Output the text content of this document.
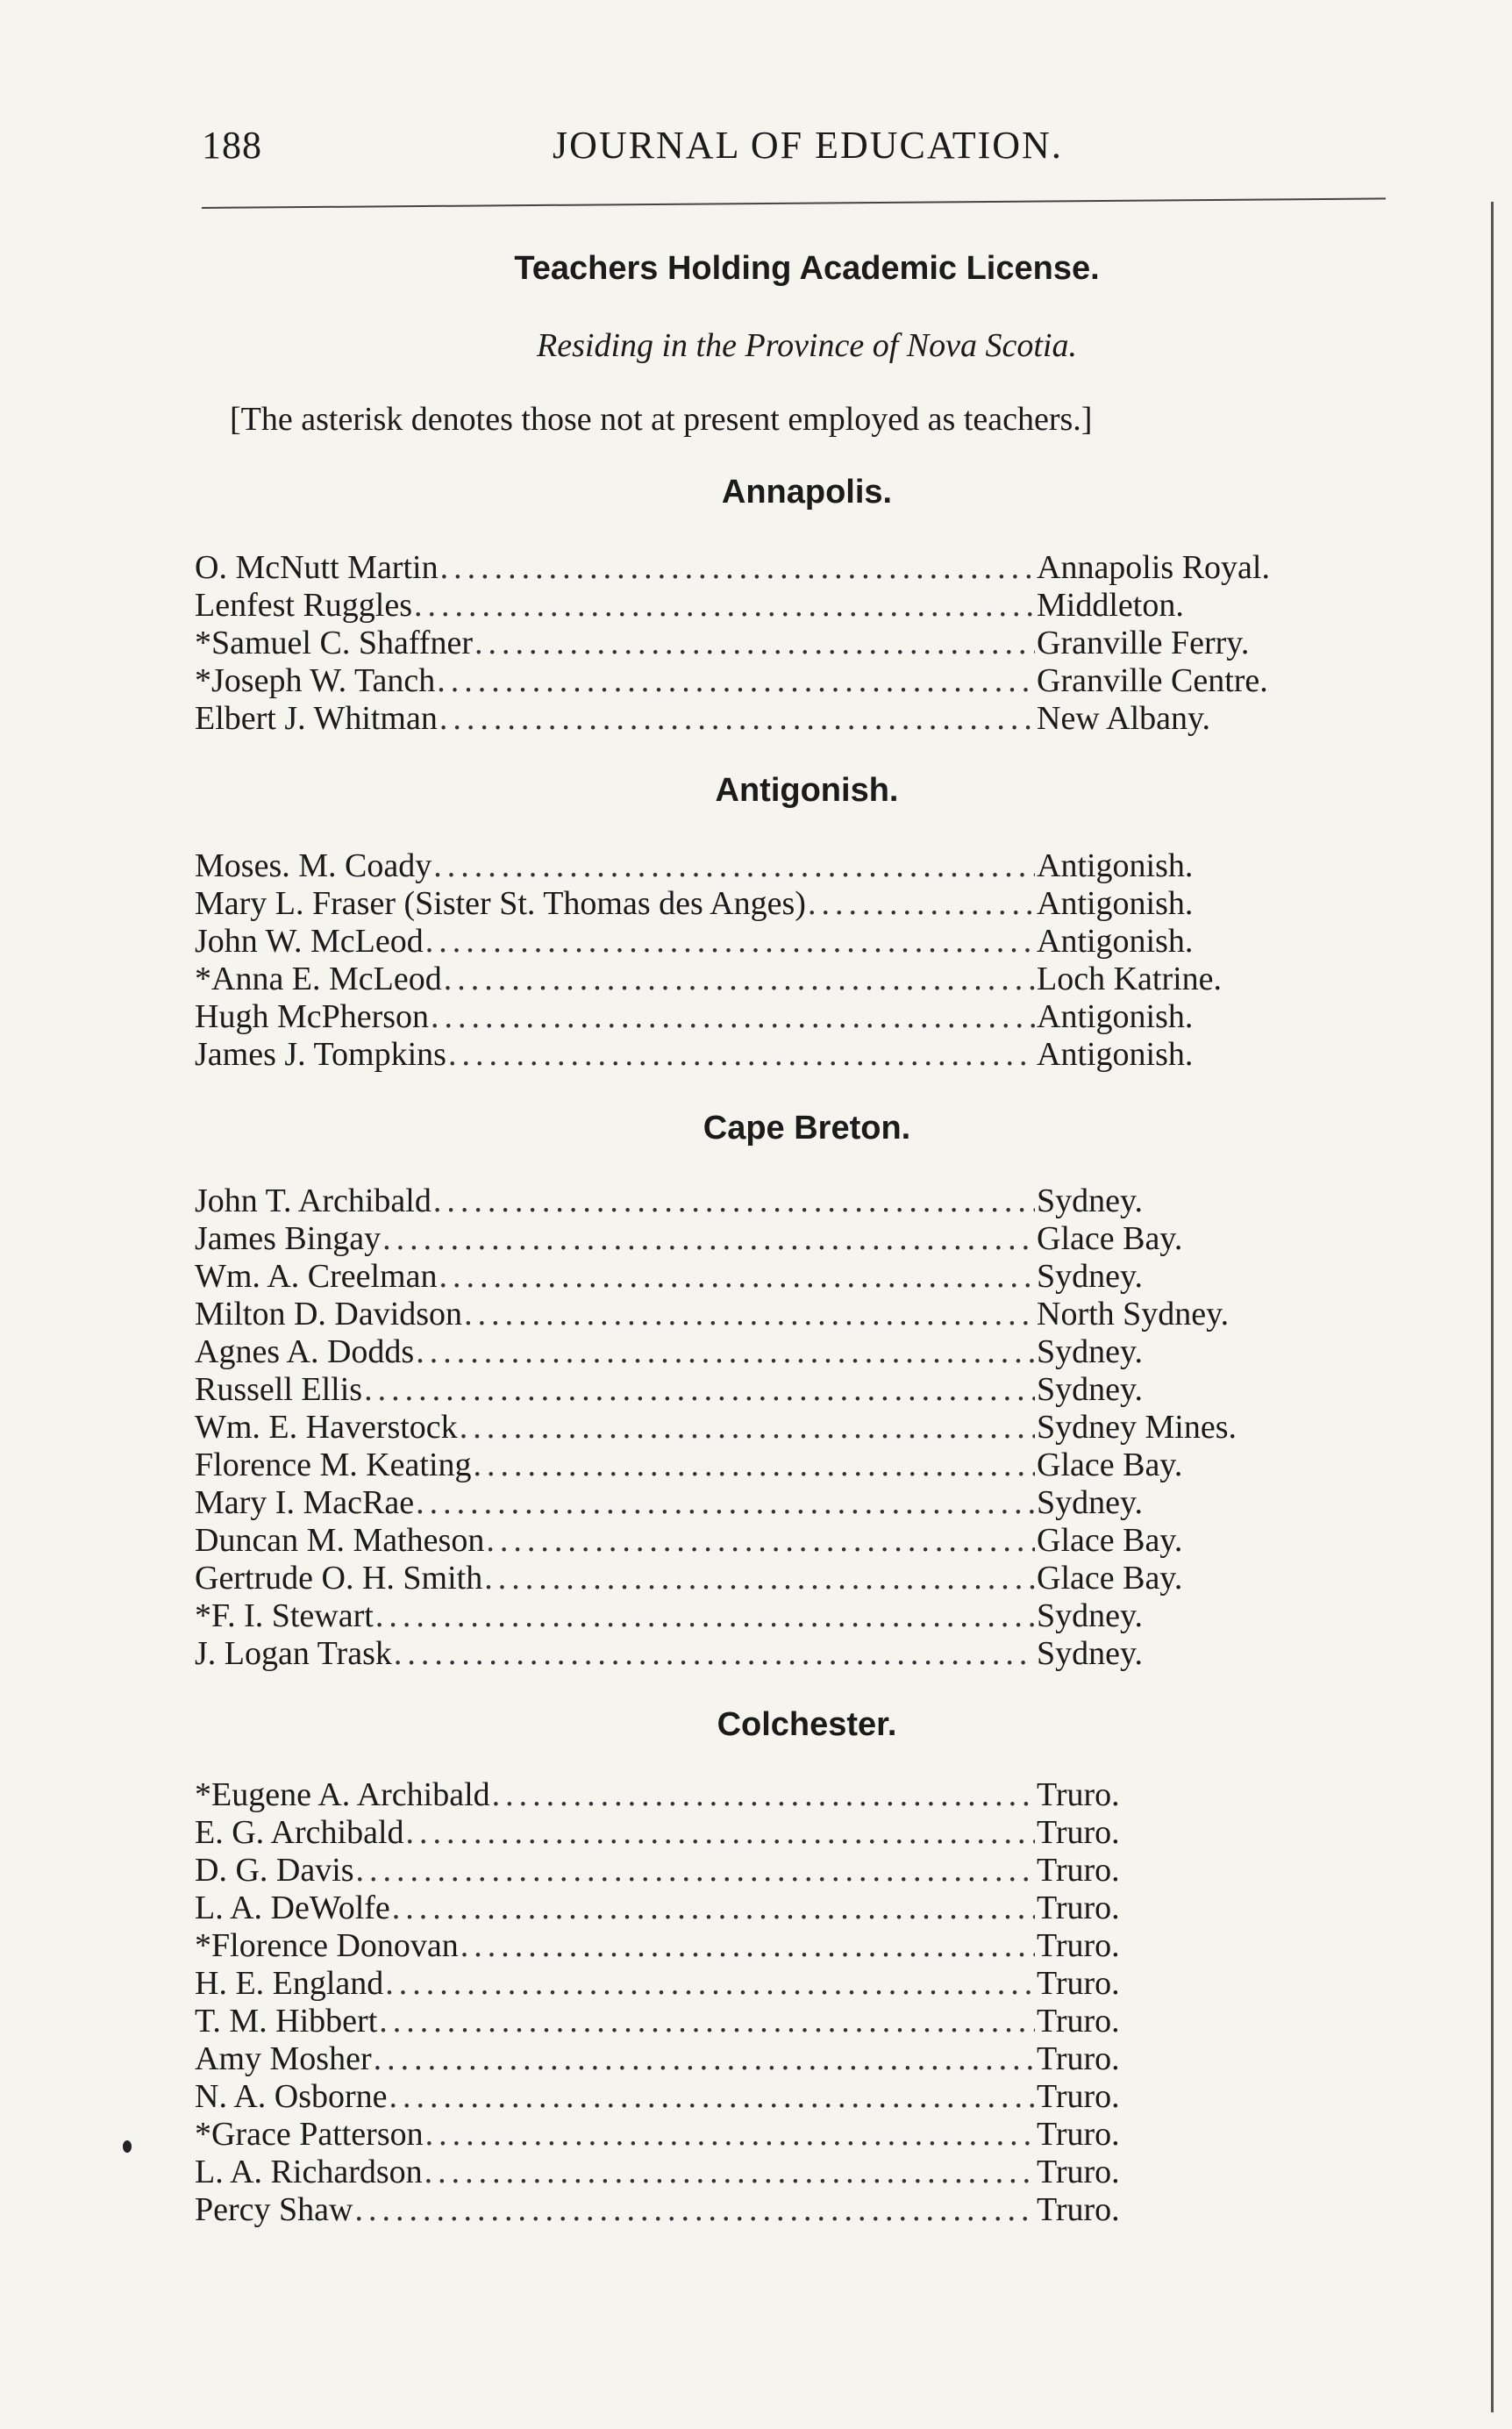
188	JOURNAL OF EDUCATION.
Teachers Holding Academic License.
Residing in the Province of Nova Scotia.
[The asterisk denotes those not at present employed as teachers.]
Annapolis.
O. McNutt Martin .....	Annapolis Royal.
Lenfest Ruggles .....	Middleton.
*Samuel C. Shaffner .....	Granville Ferry.
*Joseph W. Tanch .....	Granville Centre.
Elbert J. Whitman .....	New Albany.
Antigonish.
Moses. M. Coady .....	Antigonish.
Mary L. Fraser (Sister St. Thomas des Anges) .....	Antigonish.
John W. McLeod .....	Antigonish.
*Anna E. McLeod .....	Loch Katrine.
Hugh McPherson .....	Antigonish.
James J. Tompkins .....	Antigonish.
Cape Breton.
John T. Archibald .....	Sydney.
James Bingay .....	Glace Bay.
Wm. A. Creelman .....	Sydney.
Milton D. Davidson .....	North Sydney.
Agnes A. Dodds .....	Sydney.
Russell Ellis .....	Sydney.
Wm. E. Haverstock .....	Sydney Mines.
Florence M. Keating .....	Glace Bay.
Mary I. MacRae .....	Sydney.
Duncan M. Matheson .....	Glace Bay.
Gertrude O. H. Smith .....	Glace Bay.
*F. I. Stewart .....	Sydney.
J. Logan Trask .....	Sydney.
Colchester.
*Eugene A. Archibald .....	Truro.
E. G. Archibald .....	Truro.
D. G. Davis .....	Truro.
L. A. DeWolfe .....	Truro.
*Florence Donovan .....	Truro.
H. E. England .....	Truro.
T. M. Hibbert .....	Truro.
Amy Mosher .....	Truro.
N. A. Osborne .....	Truro.
*Grace Patterson .....	Truro.
L. A. Richardson .....	Truro.
Percy Shaw .....	Truro.
